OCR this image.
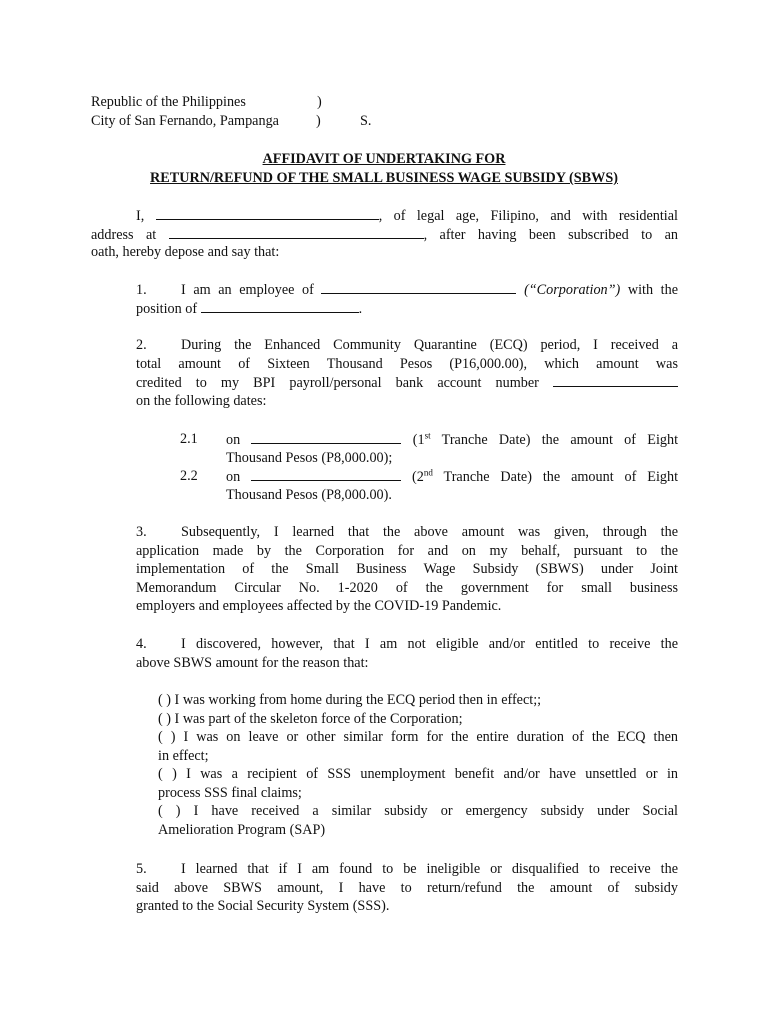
Republic of the Philippines	)
City of San Fernando, Pampanga	)	S.
AFFIDAVIT OF UNDERTAKING FOR
RETURN/REFUND OF THE SMALL BUSINESS WAGE SUBSIDY (SBWS)
I,	, of legal age, Filipino, and with residential
address at	, after having been subscribed to an
oath, hereby depose and say that:
1. I am an employee of	(“Corporation”) with the
position of	.
2. During the Enhanced Community Quarantine (ECQ) period, I received a
total amount of Sixteen Thousand Pesos (P16,000.00), which amount was
credited to my BPI payroll/personal bank account number
on the following dates:
2.1 on	(1st Tranche Date) the amount of Eight
Thousand Pesos (P8,000.00);
2.2 on	(2nd Tranche Date) the amount of Eight
Thousand Pesos (P8,000.00).
3. Subsequently, I learned that the above amount was given, through the
application made by the Corporation for and on my behalf, pursuant to the
implementation of the Small Business Wage Subsidy (SBWS) under Joint
Memorandum Circular No. 1-2020 of the government for small business
employers and employees affected by the COVID-19 Pandemic.
4. I discovered, however, that I am not eligible and/or entitled to receive the
above SBWS amount for the reason that:
( ) I was working from home during the ECQ period then in effect;;
( ) I was part of the skeleton force of the Corporation;
( ) I was on leave or other similar form for the entire duration of the ECQ then
in effect;
( ) I was a recipient of SSS unemployment benefit and/or have unsettled or in
process SSS final claims;
( ) I have received a similar subsidy or emergency subsidy under Social
Amelioration Program (SAP)
5. I learned that if I am found to be ineligible or disqualified to receive the
said above SBWS amount, I have to return/refund the amount of subsidy
granted to the Social Security System (SSS).
